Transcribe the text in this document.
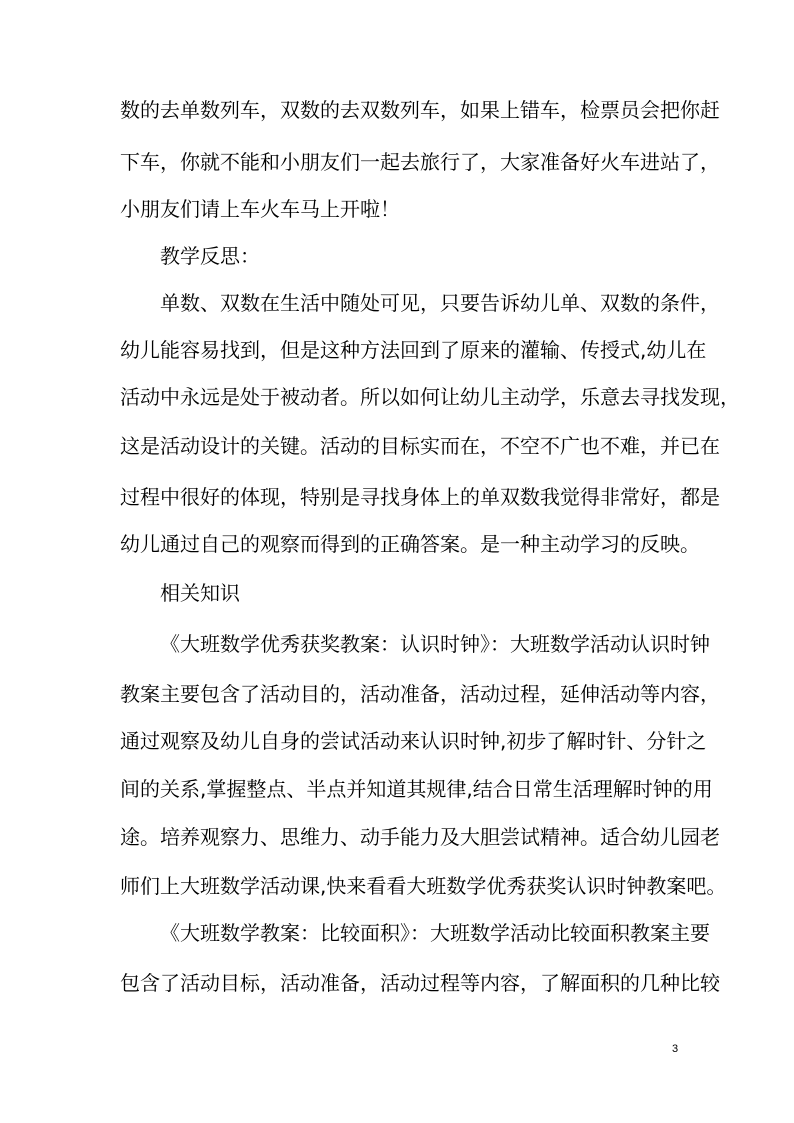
数的去单数列车，双数的去双数列车，如果上错车，检票员会把你赶
下车，你就不能和小朋友们一起去旅行了，大家准备好火车进站了，
小朋友们请上车火车马上开啦！
教学反思：
单数、双数在生活中随处可见，只要告诉幼儿单、双数的条件，
幼儿能容易找到，但是这种方法回到了原来的灌输、传授式,幼儿在
活动中永远是处于被动者。所以如何让幼儿主动学，乐意去寻找发现，
这是活动设计的关键。活动的目标实而在，不空不广也不难，并已在
过程中很好的体现，特别是寻找身体上的单双数我觉得非常好，都是
幼儿通过自己的观察而得到的正确答案。是一种主动学习的反映。
相关知识
《大班数学优秀获奖教案：认识时钟》：大班数学活动认识时钟
教案主要包含了活动目的，活动准备，活动过程，延伸活动等内容，
通过观察及幼儿自身的尝试活动来认识时钟,初步了解时针、分针之
间的关系,掌握整点、半点并知道其规律,结合日常生活理解时钟的用
途。培养观察力、思维力、动手能力及大胆尝试精神。适合幼儿园老
师们上大班数学活动课,快来看看大班数学优秀获奖认识时钟教案吧。
《大班数学教案：比较面积》：大班数学活动比较面积教案主要
包含了活动目标，活动准备，活动过程等内容，了解面积的几种比较
3
